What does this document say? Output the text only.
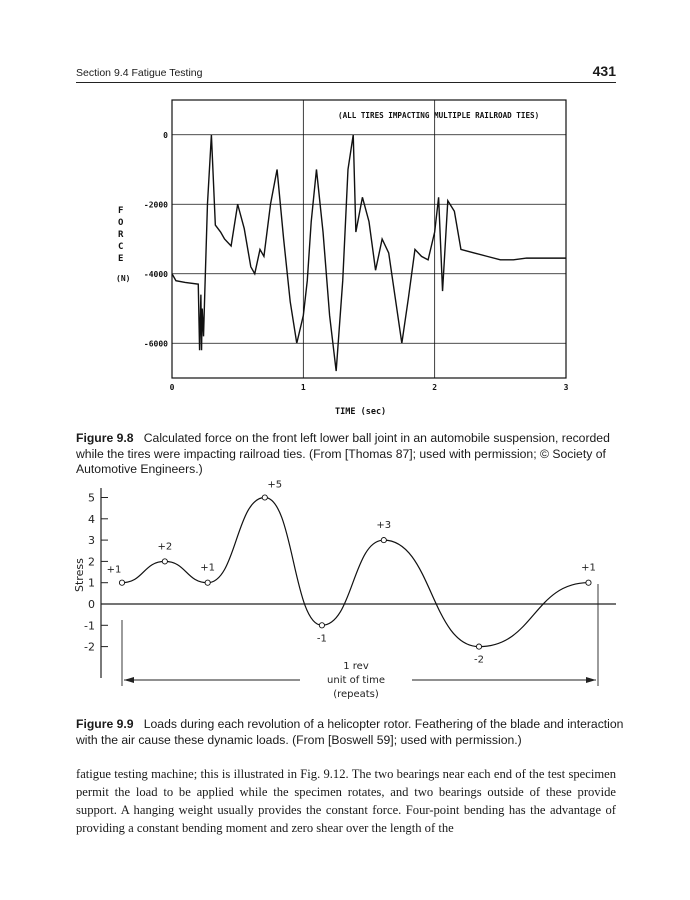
Section 9.4 Fatigue Testing	431
0
-2000
-4000
-6000
0	1	2	3
(ALL TIRES IMPACTING MULTIPLE RAILROAD TIES)
F
O
R
C
E
(N)
TIME (sec)
Figure 9.8 Calculated force on the front left lower ball joint in an automobile suspension, recorded while the tires were impacting railroad ties. (From [Thomas 87]; used with permission; © Society of Automotive Engineers.)
5
4
3
2
1
0
-1
-2
Stress +1
+2
+1
+5
-1
+3
-2
+1
1 rev
unit of time
(repeats)
Figure 9.9 Loads during each revolution of a helicopter rotor. Feathering of the blade and interaction with the air cause these dynamic loads. (From [Boswell 59]; used with permission.)
fatigue testing machine; this is illustrated in Fig. 9.12. The two bearings near each end of the test specimen permit the load to be applied while the specimen rotates, and two bearings outside of these provide support. A hanging weight usually provides the constant force. Four-point bending has the advantage of providing a constant bending moment and zero shear over the length of the
